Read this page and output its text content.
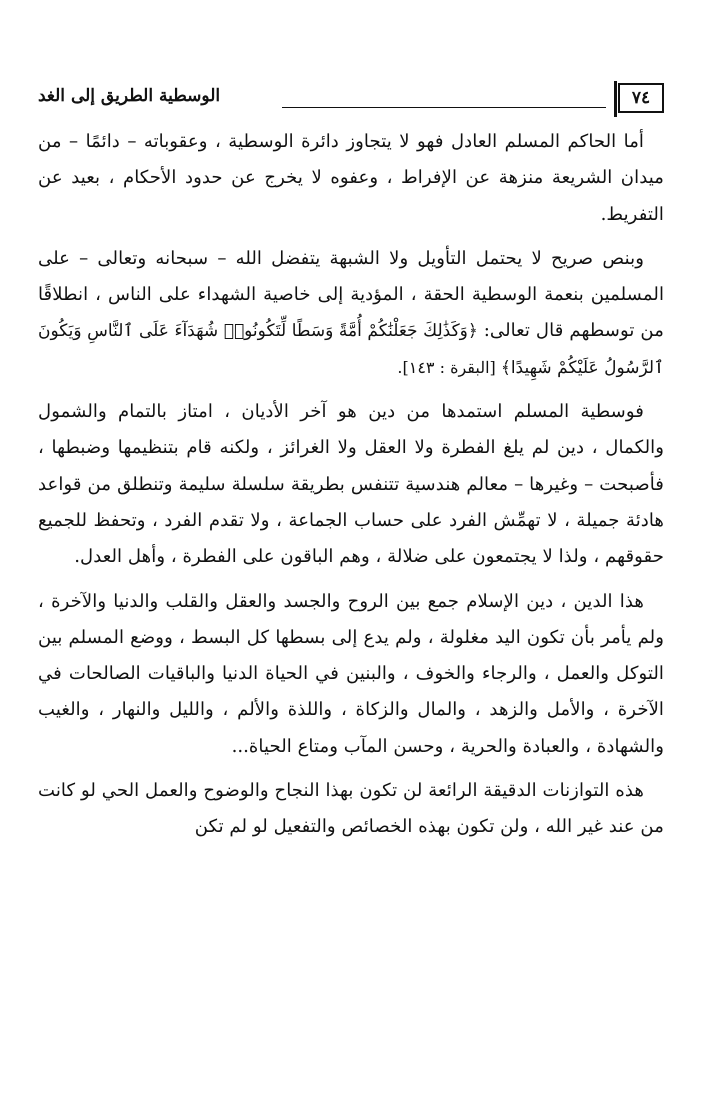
٧٤
الوسطية الطريق إلى الغد

أما الحاكم المسلم العادل فهو لا يتجاوز دائرة الوسطية ، وعقوباته – دائمًا – من ميدان الشريعة منزهة عن الإفراط ، وعفوه لا يخرج عن حدود الأحكام ، بعيد عن التفريط.

وبنص صريح لا يحتمل التأويل ولا الشبهة يتفضل الله – سبحانه وتعالى – على المسلمين بنعمة الوسطية الحقة ، المؤدية إلى خاصية الشهداء على الناس ، انطلاقًا من توسطهم قال تعالى: ﴿وَكَذَٰلِكَ جَعَلْنَٰكُمْ أُمَّةً وَسَطًا لِّتَكُونُوا۟ شُهَدَآءَ عَلَى ٱلنَّاسِ وَيَكُونَ ٱلرَّسُولُ عَلَيْكُمْ شَهِيدًا﴾ [البقرة : ١٤٣].

فوسطية المسلم استمدها من دين هو آخر الأديان ، امتاز بالتمام والشمول والكمال ، دين لم يلغ الفطرة ولا العقل ولا الغرائز ، ولكنه قام بتنظيمها وضبطها ، فأصبحت – وغيرها – معالم هندسية تتنفس بطريقة سلسلة سليمة وتنطلق من قواعد هادئة جميلة ، لا تهمِّش الفرد على حساب الجماعة ، ولا تقدم الفرد ، وتحفظ للجميع حقوقهم ، ولذا لا يجتمعون على ضلالة ، وهم الباقون على الفطرة ، وأهل العدل.

هذا الدين ، دين الإسلام جمع بين الروح والجسد والعقل والقلب والدنيا والآخرة ، ولم يأمر بأن تكون اليد مغلولة ، ولم يدع إلى بسطها كل البسط ، ووضع المسلم بين التوكل والعمل ، والرجاء والخوف ، والبنين في الحياة الدنيا والباقيات الصالحات في الآخرة ، والأمل والزهد ، والمال والزكاة ، واللذة والألم ، والليل والنهار ، والغيب والشهادة ، والعبادة والحرية ، وحسن المآب ومتاع الحياة...

هذه التوازنات الدقيقة الرائعة لن تكون بهذا النجاح والوضوح والعمل الحي لو كانت من عند غير الله ، ولن تكون بهذه الخصائص والتفعيل لو لم تكن
